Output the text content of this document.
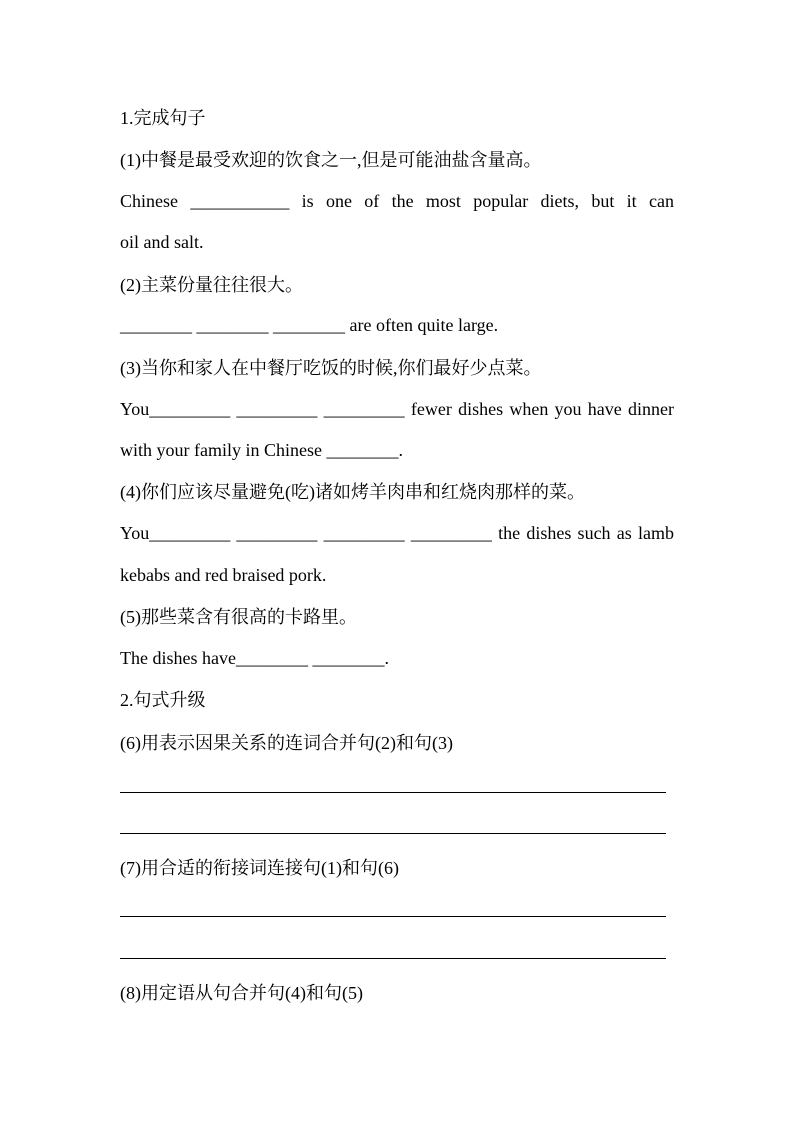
1.完成句子
(1)中餐是最受欢迎的饮食之一,但是可能油盐含量高。
Chinese ___________ is one of the most popular diets, but it can
oil and salt.
(2)主菜份量往往很大。
________ ________ ________ are often quite large.
(3)当你和家人在中餐厅吃饭的时候,你们最好少点菜。
You_________ _________ _________ fewer dishes when you have dinner
with your family in Chinese ________.
(4)你们应该尽量避免(吃)诸如烤羊肉串和红烧肉那样的菜。
You_________ _________ _________ _________ the dishes such as lamb
kebabs and red braised pork.
(5)那些菜含有很高的卡路里。
The dishes have________ ________.
2.句式升级
(6)用表示因果关系的连词合并句(2)和句(3)
(7)用合适的衔接词连接句(1)和句(6)
(8)用定语从句合并句(4)和句(5)
